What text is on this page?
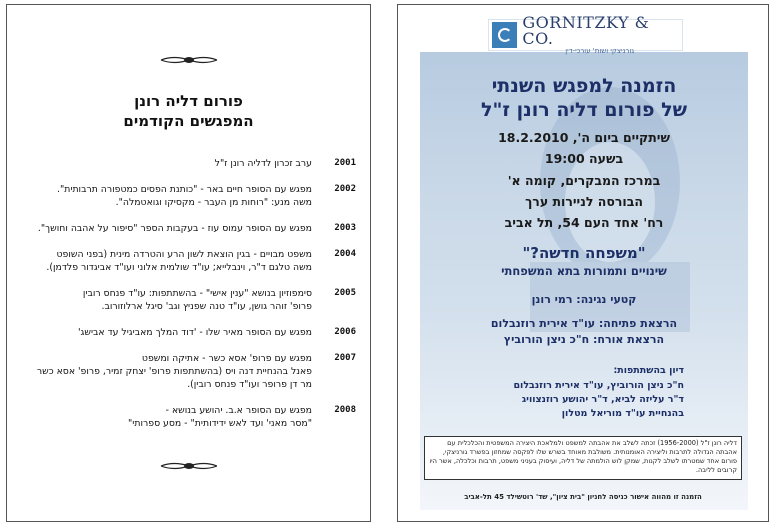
פורום דליה רונן
המפגשים הקודמים
2001

ערב זכרון לדליה רונן ז"ל

2002

מפגש עם הסופר חיים באר - "כותנת הפסים כמטפורה תרבותית".

משה מנע: "רוחות מן העבר - מקסיקו וגואטמלה".

2003

מפגש עם הסופר עמוס עוז - בעקבות הספר "סיפור על אהבה וחושך".

2004

משפט מבויים - בגין הוצאת לשון הרע והטרדה מינית (בפני השופט

משה טלגם ד"ר, וינבלייא; עו"ד שולמית אלוני ועו"ד אביגדור פלדמן).

2005

סימפוזיון בנושא "ענין אישי" - בהשתתפות: עו"ד פנחס רובין

פרופ' זוהר גושן, עו"ד טנה שפניץ וגב' סיגל ארלוזורוב.

2006

מפגש עם הסופר מאיר שלו - 'דוד המלך מאביגיל עד אבישג'

2007

מפגש עם פרופ' אסא כשר - אתיקה ומשפט

פאנל בהנחיית דנה ויס (בהשתתפות פרופ' יצחק זמיר, פרופ' אסא כשר

מר דן פרופר ועו"ד פנחס רובין).

2008

מפגש עם הסופר א.ב. יהושע בנושא -

"מסר מאני' ועד לאש ידידותית" - מסע ספרותי"

הזמנה למפגש השנתי
של פורום דליה רונן ז"ל
שיתקיים ביום ה', 18.2.2010
בשעה 19:00
במרכז המבקרים, קומה א'
הבורסה לניירות ערך
רח' אחד העם 54, תל אביב
"משפחה חדשה?"
שינויים ותמורות בתא המשפחתי
קטעי נגינה: רמי רונן
הרצאת פתיחה: עו"ד אירית רוזנבלום
הרצאת אורח: ח"כ ניצן הורוביץ
דיון בהשתתפות:
ח"כ ניצן הורוביץ, עו"ד אירית רוזנבלום
ד"ר עליזה לביא, ד"ר יהושע רוזנצוויג
בהנחיית עו"ד מוריאל מטלון
GORNITZKY & CO.
גורניצקי ושות' עורכי-דין
דליה רונן ז"ל (1956-2000) זכתה לשלב את אהבתה למשפט ולמלאכת היצירה המשפטית והכלכלית עם אהבתה הגדולה לתרבות וליצירה האומנותית. משולבת מאוחד בשרש שלו לפקסה שמחזון בפשרד גורניצקי, פורום אחד שמטרתו לשלב לקנות, שמקן לוש הולמתה של דליה, ועיסוק בעניני משפט, תרבות וכלכלה, אשר היו קרובים לליבה.
הזמנה זו מהווה אישור כניסה לחניון "בית ציון", שד' רוטשילד 45 תל-אביב
